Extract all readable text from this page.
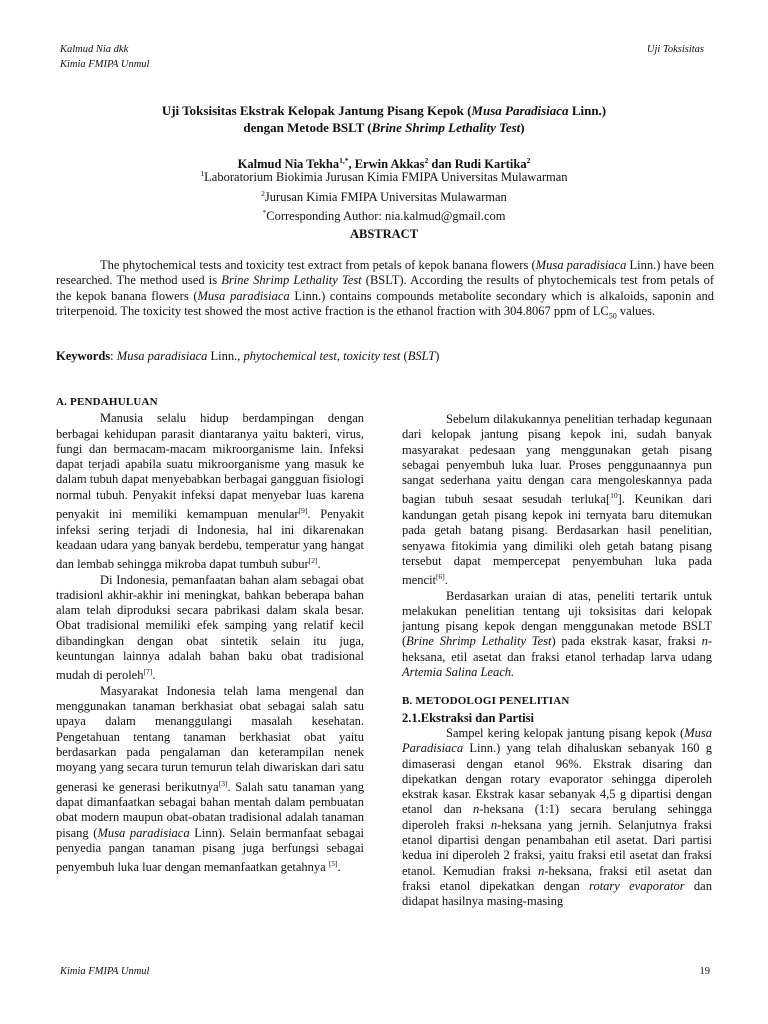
Kalmud Nia dkk
Kimia FMIPA Unmul
Uji Toksisitas
Uji Toksisitas Ekstrak Kelopak Jantung Pisang Kepok (Musa Paradisiaca Linn.)
dengan Metode BSLT (Brine Shrimp Lethality Test)
Kalmud Nia Tekha$^{1,*}$, Erwin Akkas$^2$ dan Rudi Kartika$^2$
$^1$Laboratorium Biokimia Jurusan Kimia FMIPA Universitas Mulawarman
$^2$Jurusan Kimia FMIPA Universitas Mulawarman
*Corresponding Author: nia.kalmud@gmail.com
ABSTRACT
The phytochemical tests and toxicity test extract from petals of kepok banana flowers (Musa paradisiaca Linn.) have been researched. The method used is Brine Shrimp Lethality Test (BSLT). According the results of phytochemicals test from petals of the kepok banana flowers (Musa paradisiaca Linn.) contains compounds metabolite secondary which is alkaloids, saponin and triterpenoid. The toxicity test showed the most active fraction is the ethanol fraction with 304.8067 ppm of $LC_{50}$ values.
Keywords: Musa paradisiaca Linn., phytochemical test, toxicity test (BSLT)
A. PENDAHULUAN

Manusia selalu hidup berdampingan dengan berbagai kehidupan parasit diantaranya yaitu bakteri, virus, fungi dan bermacam-macam mikroorganisme lain. Infeksi dapat terjadi apabila suatu mikroorganisme yang masuk ke dalam tubuh dapat menyebabkan berbagai gangguan fisiologi normal tubuh. Penyakit infeksi dapat menyebar luas karena penyakit ini memiliki kemampuan menular[9]. Penyakit infeksi sering terjadi di Indonesia, hal ini dikarenakan keadaan udara yang banyak berdebu, temperatur yang hangat dan lembab sehingga mikroba dapat tumbuh subur[2].

Di Indonesia, pemanfaatan bahan alam sebagai obat tradisionl akhir-akhir ini meningkat, bahkan beberapa bahan alam telah diproduksi secara pabrikasi dalam skala besar. Obat tradisional memiliki efek samping yang relatif kecil dibandingkan dengan obat sintetik selain itu juga, keuntungan lainnya adalah bahan baku obat tradisional mudah di peroleh[7].

Masyarakat Indonesia telah lama mengenal dan menggunakan tanaman berkhasiat obat sebagai salah satu upaya dalam menanggulangi masalah kesehatan. Pengetahuan tentang tanaman berkhasiat obat yaitu berdasarkan pada pengalaman dan keterampilan nenek moyang yang secara turun temurun telah diwariskan dari satu generasi ke generasi berikutnya[3]. Salah satu tanaman yang dapat dimanfaatkan sebagai bahan mentah dalam pembuatan obat modern maupun obat-obatan tradisional adalah tanaman pisang (Musa paradisiaca Linn). Selain bermanfaat sebagai penyedia pangan tanaman pisang juga berfungsi sebagai penyembuh luka luar dengan memanfaatkan getahnya [5].

Sebelum dilakukannya penelitian terhadap kegunaan dari kelopak jantung pisang kepok ini, sudah banyak masyarakat pedesaan yang menggunakan getah pisang sebagai penyembuh luka luar. Proses penggunaannya pun sangat sederhana yaitu dengan cara mengoleskannya pada bagian tubuh sesaat sesudah terluka[$^{10}$]. Keunikan dari kandungan getah pisang kepok ini ternyata baru ditemukan pada getah batang pisang. Berdasarkan hasil penelitian, senyawa fitokimia yang dimiliki oleh getah batang pisang tersebut dapat mempercepat penyembuhan luka pada mencit[6].

Berdasarkan uraian di atas, peneliti tertarik untuk melakukan penelitian tentang uji toksisitas dari kelopak jantung pisang kepok dengan menggunakan metode BSLT (Brine Shrimp Lethality Test) pada ekstrak kasar, fraksi n-heksana, etil asetat dan fraksi etanol terhadap larva udang Artemia Salina Leach.

B. METODOLOGI PENELITIAN
2.1.Ekstraksi dan Partisi

Sampel kering kelopak jantung pisang kepok (Musa Paradisiaca Linn.) yang telah dihaluskan sebanyak 160 g dimaserasi dengan etanol 96%. Ekstrak disaring dan dipekatkan dengan rotary evaporator sehingga diperoleh ekstrak kasar. Ekstrak kasar sebanyak 4,5 g dipartisi dengan etanol dan n-heksana (1:1) secara berulang sehingga diperoleh fraksi n-heksana yang jernih. Selanjutnya fraksi etanol dipartisi dengan penambahan etil asetat. Dari partisi kedua ini diperoleh 2 fraksi, yaitu fraksi etil asetat dan fraksi etanol. Kemudian fraksi n-heksana, fraksi etil asetat dan fraksi etanol dipekatkan dengan rotary evaporator dan didapat hasilnya masing-masing

Kimia FMIPA Unmul	19
